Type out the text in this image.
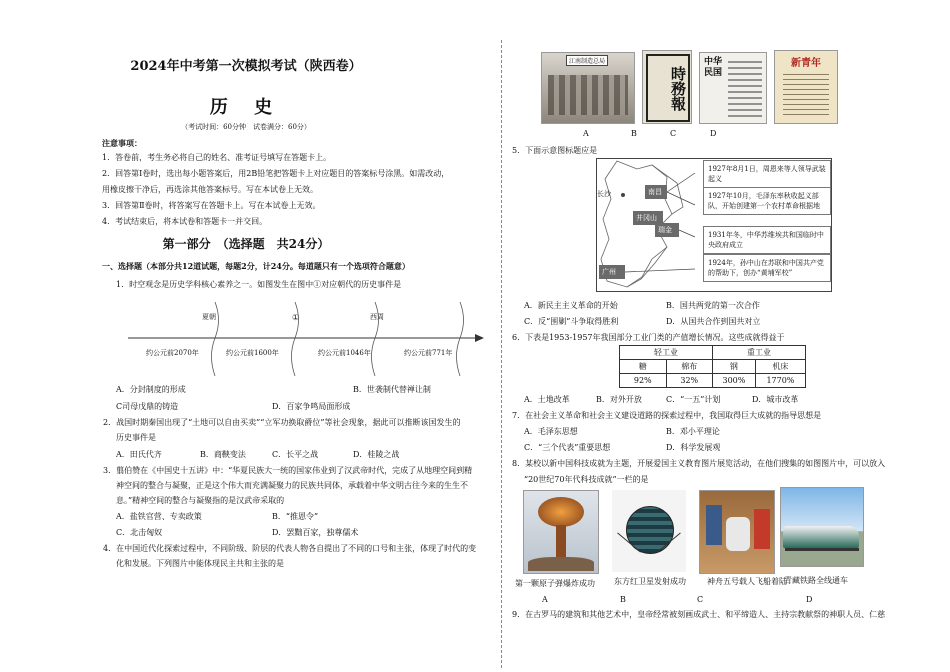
2024年中考第一次模拟考试（陕西卷）
历 史
（考试时间：60分钟　试卷满分：60分）
注意事项：
1．答卷前，考生务必将自己的姓名、准考证号填写在答题卡上。
2．回答第Ⅰ卷时，选出每小题答案后，用2B铅笔把答题卡上对应题目的答案标号涂黑。如需改动，
用橡皮擦干净后，再选涂其他答案标号。写在本试卷上无效。
3．回答第Ⅱ卷时，将答案写在答题卡上。写在本试卷上无效。
4．考试结束后，将本试卷和答题卡一并交回。
第一部分　（选择题　共24分）
一、选择题（本部分共12道试题，每题2分，计24分。每道题只有一个选项符合题意）
1．时空观念是历史学科核心素养之一。如图发生在图中①对应朝代的历史事件是
夏朝	①	西周
约公元前2070年	约公元前1600年	约公元前1046年	约公元前771年
A．分封制度的形成	B．世袭制代替禅让制
C司母戊鼎的铸造	D．百家争鸣局面形成
2．战国时期秦国出现了“土地可以自由买卖”“立军功换取爵位”等社会现象，据此可以推断该国发生的
历史事件是
A．田氏代齐	B．商鞅变法	C．长平之战	D．桂陵之战
3．翦伯赞在《中国史十五讲》中：“华夏民族大一统的国家伟业到了汉武帝时代，完成了从地理空间到精
神空间的整合与凝聚，正是这个伟大而充满凝聚力的民族共同体，承载着中华文明古往今来的生生不
息。”精神空间的整合与凝聚指的是汉武帝采取的
A．盐铁官营、专卖政策	B．“推恩令”
C．北击匈奴	D．罢黜百家，独尊儒术
4．在中国近代化探索过程中，不同阶级、阶层的代表人物各自提出了不同的口号和主张，体现了时代的变
化和发展。下列图片中能体现民主共和主张的是
江南制造总局
時務報
中华民国
新青年
A	B	C	D
5．下面示意图标题应是
长沙	南昌
井冈山
瑞金
广州
1927年8月1日，周恩来等人领导武装起义
1927年10月，毛泽东率秋收起义部队，开始创建第一个农村革命根据地
1931年冬，中华苏维埃共和国临时中央政府成立
1924年，孙中山在苏联和中国共产党的帮助下，创办“黄埔军校”
A．新民主主义革命的开始	B．国共两党的第一次合作
C．反“围剿”斗争取得胜利	D．从国共合作到国共对立
6．下表是1953-1957年我国部分工业门类的产值增长情况。这些成就得益于
轻工业		重工业	
糖	棉布	钢	机床
92%	32%	300%	1770%
A．土地改革	B．对外开放	C．“一五”计划	D．城市改革
7．在社会主义革命和社会主义建设道路的探索过程中，我国取得巨大成就的指导思想是
A．毛泽东思想	B．邓小平理论
C．“三个代表”重要思想	D．科学发展观
8．某校以新中国科技成就为主题，开展爱国主义教育图片展览活动，在他们搜集的如图图片中，可以放入
“20世纪70年代科技成就”一栏的是
第一颗原子弹爆炸成功 东方红卫星发射成功	神舟五号载人飞船着陆
青藏铁路全线通车
A	B	C	D
9．在古罗马的建筑和其他艺术中，皇帝经常被刻画成武士、和平缔造人、主持宗教献祭的神职人员、仁慈
